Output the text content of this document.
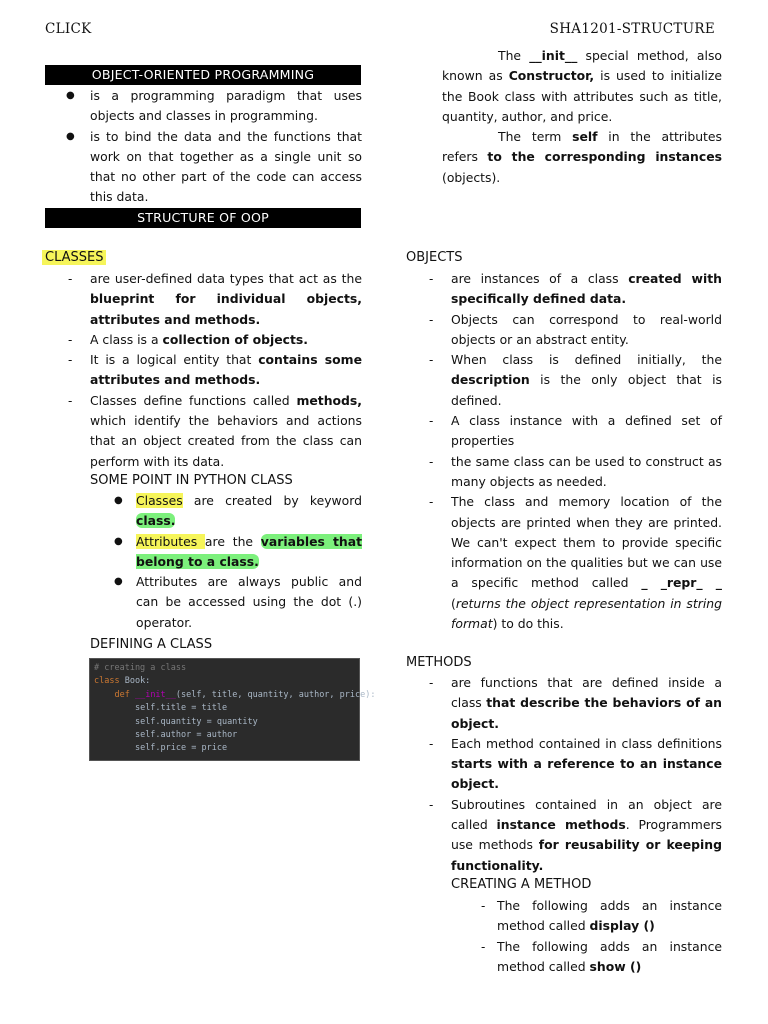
CLICK	SHA1201-STRUCTURE
OBJECT-ORIENTED PROGRAMMING
● is a programming paradigm that uses objects and classes in programming.
● is to bind the data and the functions that work on that together as a single unit so that no other part of the code can access this data.
STRUCTURE OF OOP
CLASSES
- are user-defined data types that act as the blueprint for individual objects, attributes and methods.
- A class is a collection of objects.
- It is a logical entity that contains some attributes and methods.
- Classes define functions called methods, which identify the behaviors and actions that an object created from the class can perform with its data.
SOME POINT IN PYTHON CLASS
● Classes are created by keyword class.
● Attributes are the variables that belong to a class.
● Attributes are always public and can be accessed using the dot (.) operator.
DEFINING A CLASS
# creating a class
class Book:
def __init__(self, title, quantity, author, price):
self.title = title
self.quantity = quantity
self.author = author
self.price = price
The __init__ special method, also known as Constructor, is used to initialize the Book class with attributes such as title, quantity, author, and price.
The term self in the attributes refers to the corresponding instances (objects).
OBJECTS
- are instances of a class created with specifically defined data.
- Objects can correspond to real-world objects or an abstract entity.
- When class is defined initially, the description is the only object that is defined.
- A class instance with a defined set of properties
- the same class can be used to construct as many objects as needed.
- The class and memory location of the objects are printed when they are printed. We can't expect them to provide specific information on the qualities but we can use a specific method called _ _repr_ _ (returns the object representation in string format) to do this.
METHODS
- are functions that are defined inside a class that describe the behaviors of an object.
- Each method contained in class definitions starts with a reference to an instance object.
- Subroutines contained in an object are called instance methods. Programmers use methods for reusability or keeping functionality.
CREATING A METHOD
- The following adds an instance method called display ()
- The following adds an instance method called show ()
